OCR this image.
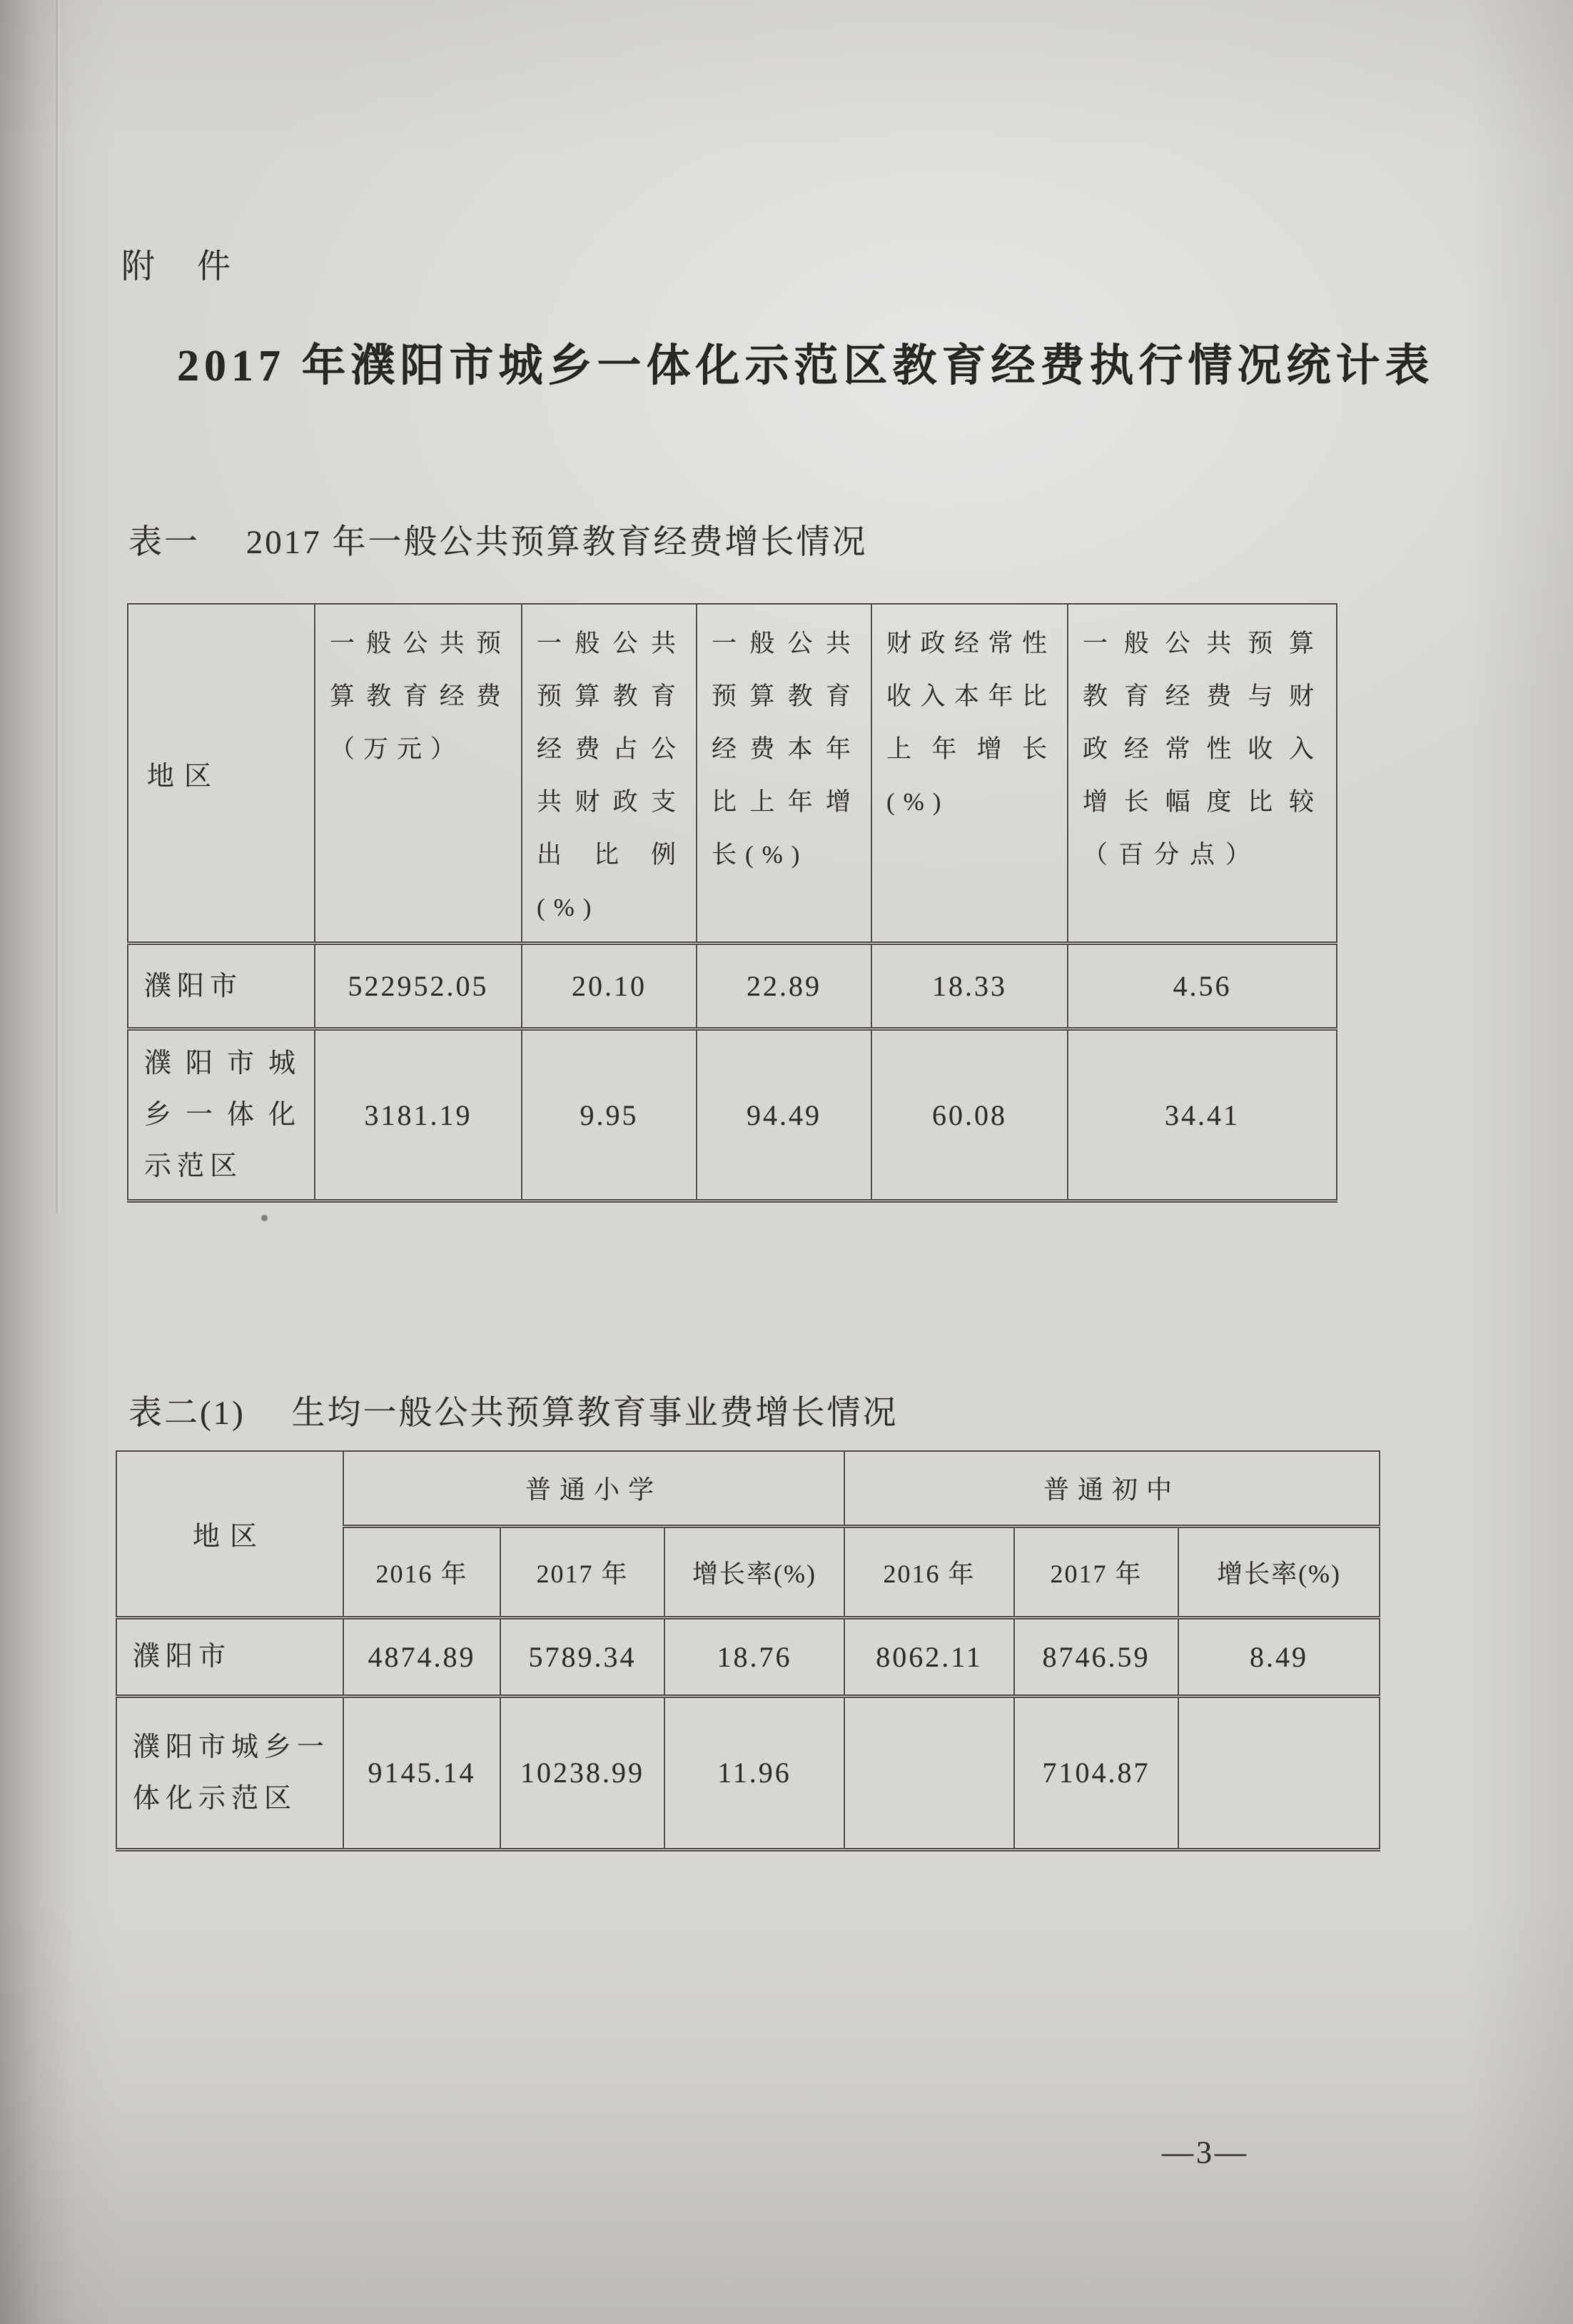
附　件
2017 年濮阳市城乡一体化示范区教育经费执行情况统计表
表一　 2017 年一般公共预算教育经费增长情况
地区	一般公共预算教育经费（万元）	一般公共预算教育经费占公共财政支出比例(%)	一般公共预算教育经费本年比上年增长(%)	财政经常性收入本年比上年增长(%)	一般公共预算教育经费与财政经常性收入增长幅度比较（百分点）
濮阳市	522952.05	20.10	22.89	18.33	4.56
濮阳市城乡一体化示范区	3181.19	9.95	94.49	60.08	34.41
表二(1)　 生均一般公共预算教育事业费增长情况
地区	普通小学			普通初中		
	2016 年	2017 年	增长率(%)	2016 年	2017 年	增长率(%)
濮阳市	4874.89	5789.34	18.76	8062.11	8746.59	8.49
濮阳市城乡一体化示范区	9145.14	10238.99	11.96		7104.87	
—3—
